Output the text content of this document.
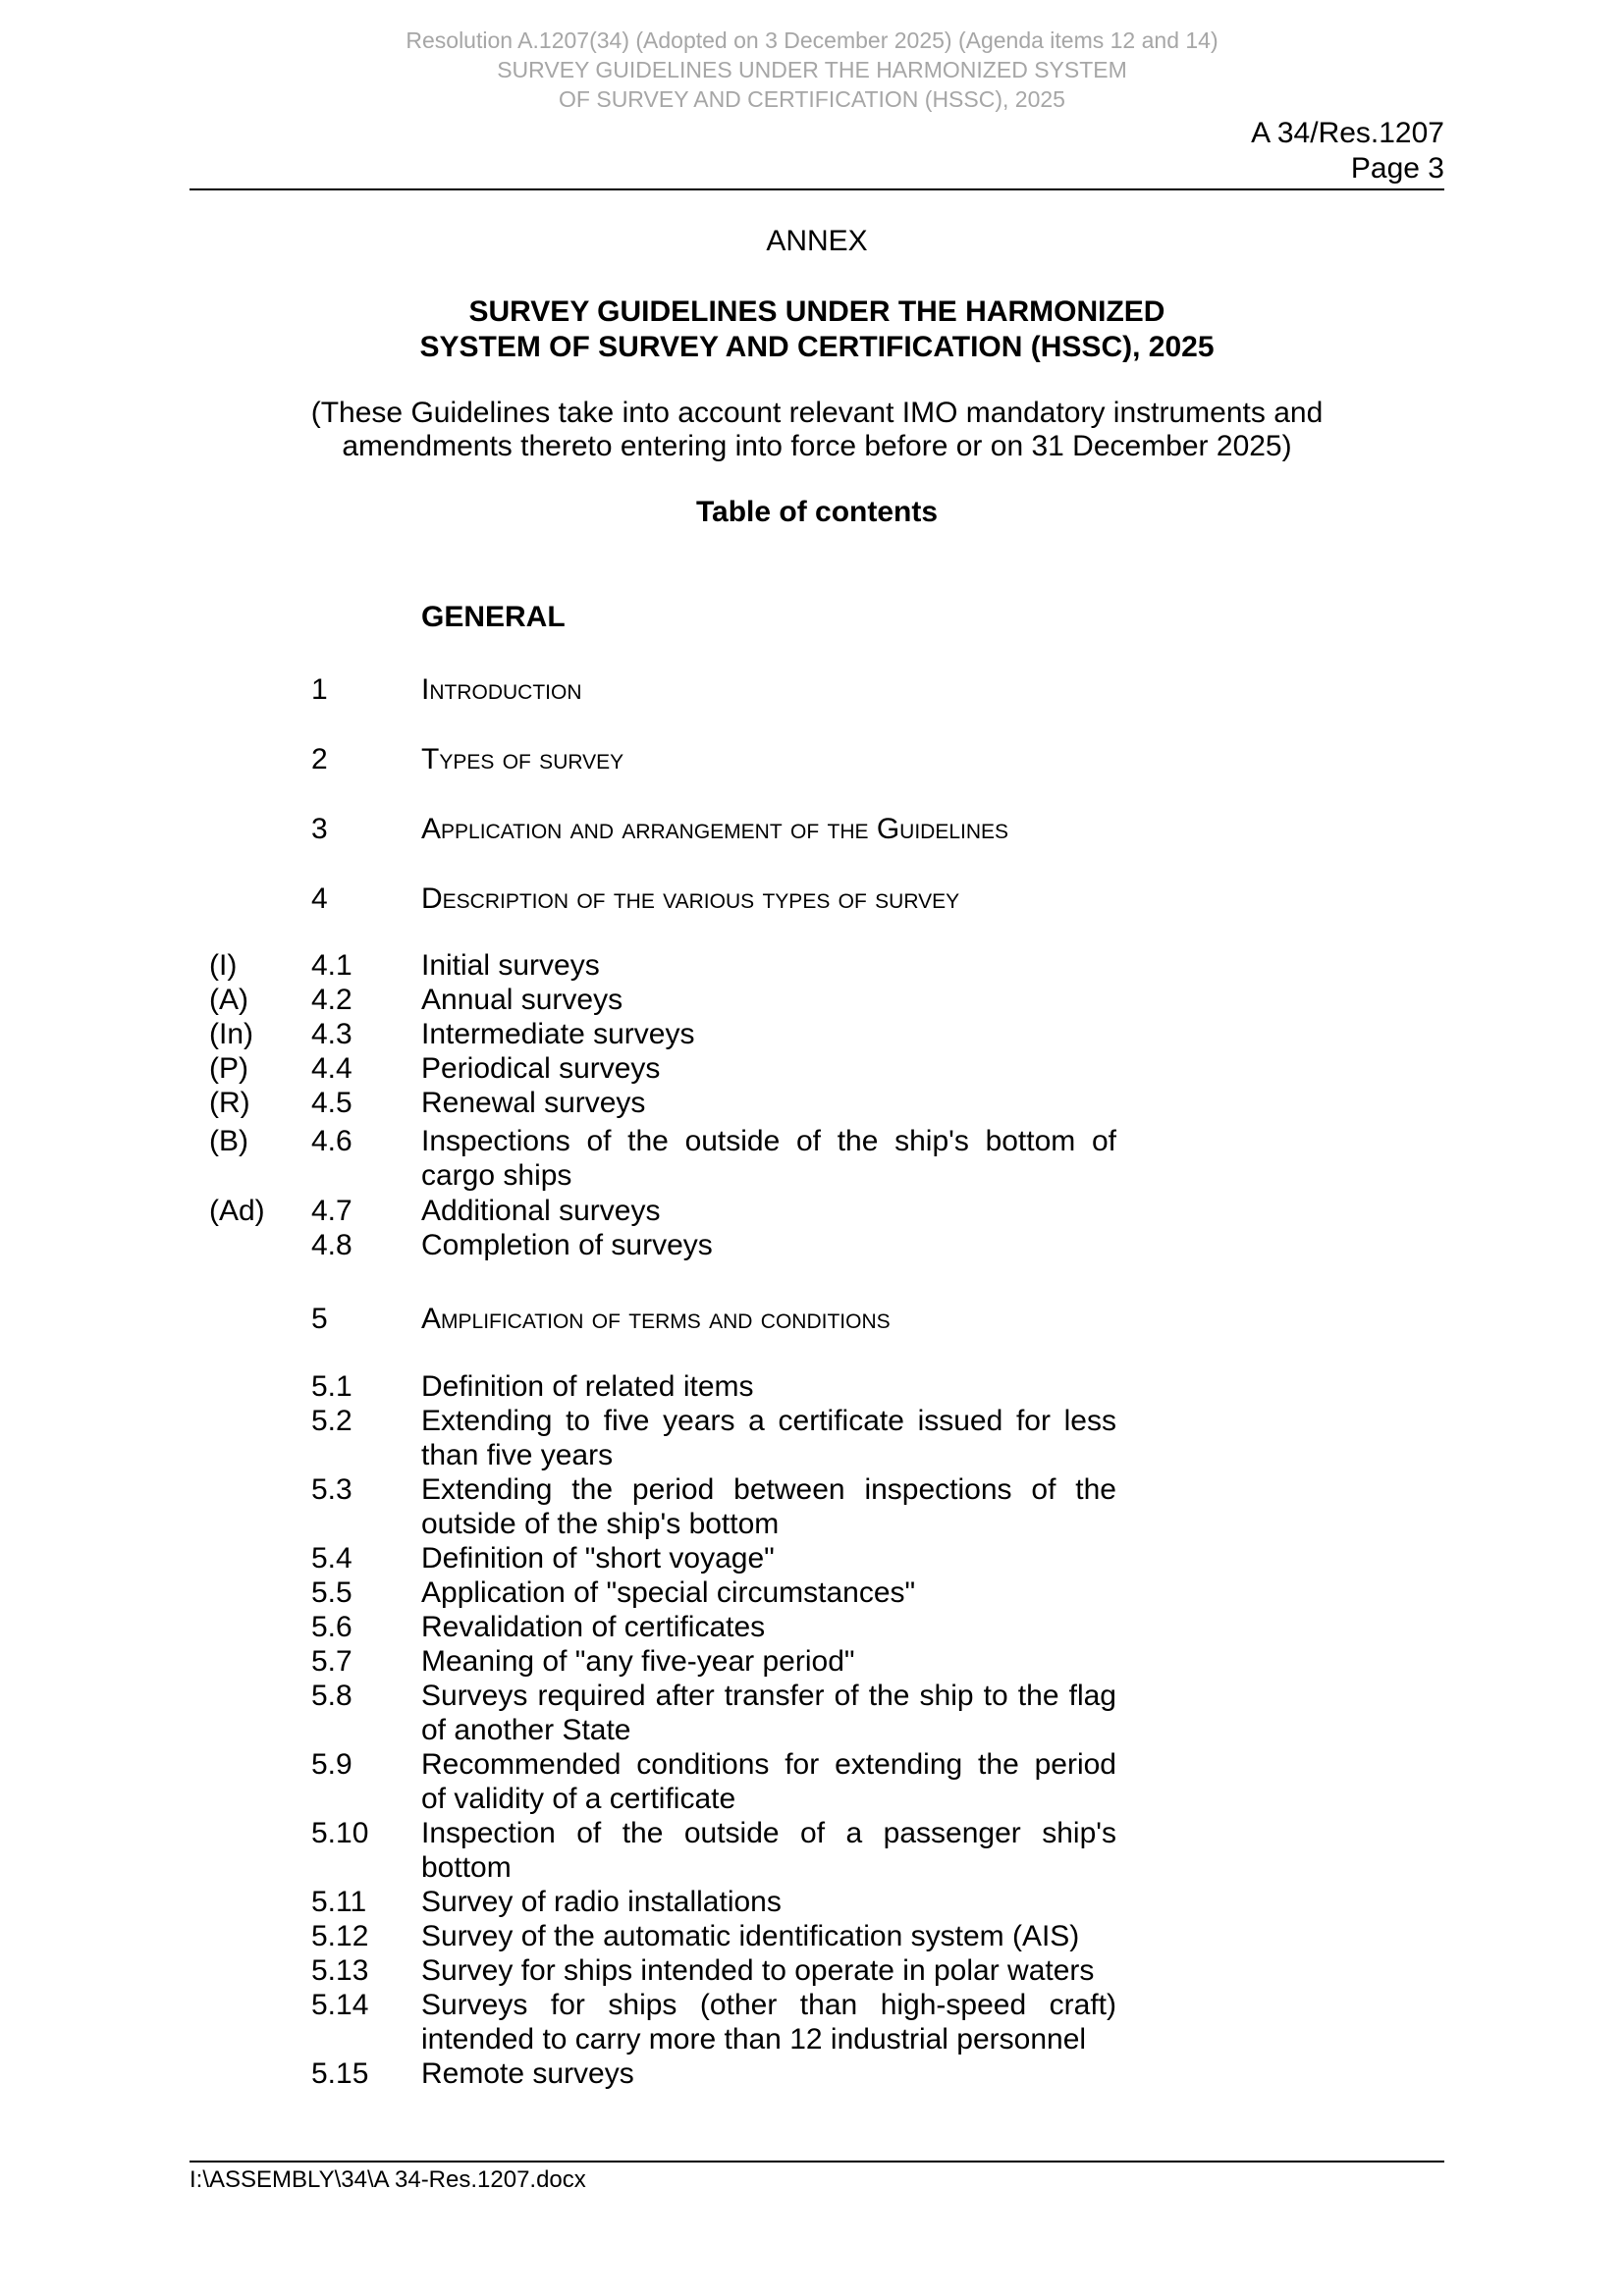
Resolution A.1207(34) (Adopted on 3 December 2025) (Agenda items 12 and 14)
SURVEY GUIDELINES UNDER THE HARMONIZED SYSTEM
OF SURVEY AND CERTIFICATION (HSSC), 2025
A 34/Res.1207
Page 3
ANNEX
SURVEY GUIDELINES UNDER THE HARMONIZED
SYSTEM OF SURVEY AND CERTIFICATION (HSSC), 2025
(These Guidelines take into account relevant IMO mandatory instruments and
amendments thereto entering into force before or on 31 December 2025)
Table of contents
GENERAL
1	Introduction
2	Types of survey
3	Application and arrangement of the Guidelines
4	Description of the various types of survey
(I)	4.1 Initial surveys
(A) 4.2 Annual surveys
(In) 4.3 Intermediate surveys
(P) 4.4 Periodical surveys
(R) 4.5 Renewal surveys
(B) 4.6 Inspections of the outside of the ship's bottom of
cargo ships
(Ad) 4.7 Additional surveys
4.8 Completion of surveys
5	Amplification of terms and conditions
5.1 Definition of related items
5.2 Extending to five years a certificate issued for less
than five years
5.3 Extending the period between inspections of the
outside of the ship's bottom
5.4 Definition of "short voyage"
5.5 Application of "special circumstances"
5.6 Revalidation of certificates
5.7 Meaning of "any five-year period"
5.8 Surveys required after transfer of the ship to the flag
of another State
5.9 Recommended conditions for extending the period
of validity of a certificate
5.10 Inspection of the outside of a passenger ship's
bottom
5.11 Survey of radio installations
5.12 Survey of the automatic identification system (AIS)
5.13 Survey for ships intended to operate in polar waters
5.14 Surveys for ships (other than high-speed craft)
intended to carry more than 12 industrial personnel
5.15 Remote surveys
I:\ASSEMBLY\34\A 34-Res.1207.docx
